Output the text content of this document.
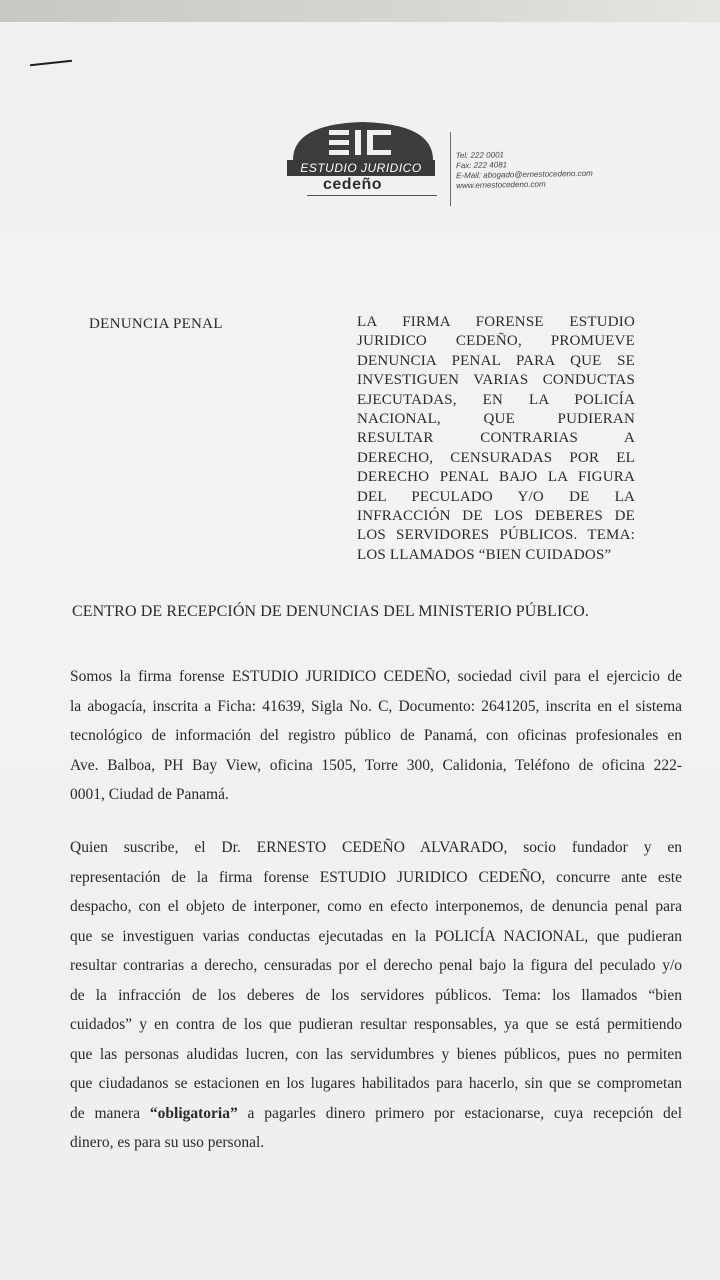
ESTUDIO JURIDICO
cedeño
Tel: 222 0001
Fax: 222 4081
E-Mail: abogado@ernestocedeno.com
www.ernestocedeno.com
DENUNCIA PENAL	LA FIRMA FORENSE ESTUDIO
JURIDICO CEDEÑO, PROMUEVE
DENUNCIA PENAL PARA QUE SE
INVESTIGUEN VARIAS CONDUCTAS
EJECUTADAS, EN LA POLICÍA
NACIONAL, QUE PUDIERAN
RESULTAR CONTRARIAS A
DERECHO, CENSURADAS POR EL
DERECHO PENAL BAJO LA FIGURA
DEL PECULADO Y/O DE LA
INFRACCIÓN DE LOS DEBERES DE
LOS SERVIDORES PÚBLICOS. TEMA:
LOS LLAMADOS “BIEN CUIDADOS”
CENTRO DE RECEPCIÓN DE DENUNCIAS DEL MINISTERIO PÚBLICO.
Somos la firma forense ESTUDIO JURIDICO CEDEÑO, sociedad civil para el ejercicio de
la abogacía, inscrita a Ficha: 41639, Sigla No. C, Documento: 2641205, inscrita en el sistema
tecnológico de información del registro público de Panamá, con oficinas profesionales en
Ave. Balboa, PH Bay View, oficina 1505, Torre 300, Calidonia, Teléfono de oficina 222-
0001, Ciudad de Panamá.
Quien suscribe, el Dr. ERNESTO CEDEÑO ALVARADO, socio fundador y en
representación de la firma forense ESTUDIO JURIDICO CEDEÑO, concurre ante este
despacho, con el objeto de interponer, como en efecto interponemos, de denuncia penal para
que se investiguen varias conductas ejecutadas en la POLICÍA NACIONAL, que pudieran
resultar contrarias a derecho, censuradas por el derecho penal bajo la figura del peculado y/o
de la infracción de los deberes de los servidores públicos. Tema: los llamados “bien
cuidados” y en contra de los que pudieran resultar responsables, ya que se está permitiendo
que las personas aludidas lucren, con las servidumbres y bienes públicos, pues no permiten
que ciudadanos se estacionen en los lugares habilitados para hacerlo, sin que se comprometan
de manera “obligatoria” a pagarles dinero primero por estacionarse, cuya recepción del
dinero, es para su uso personal.
